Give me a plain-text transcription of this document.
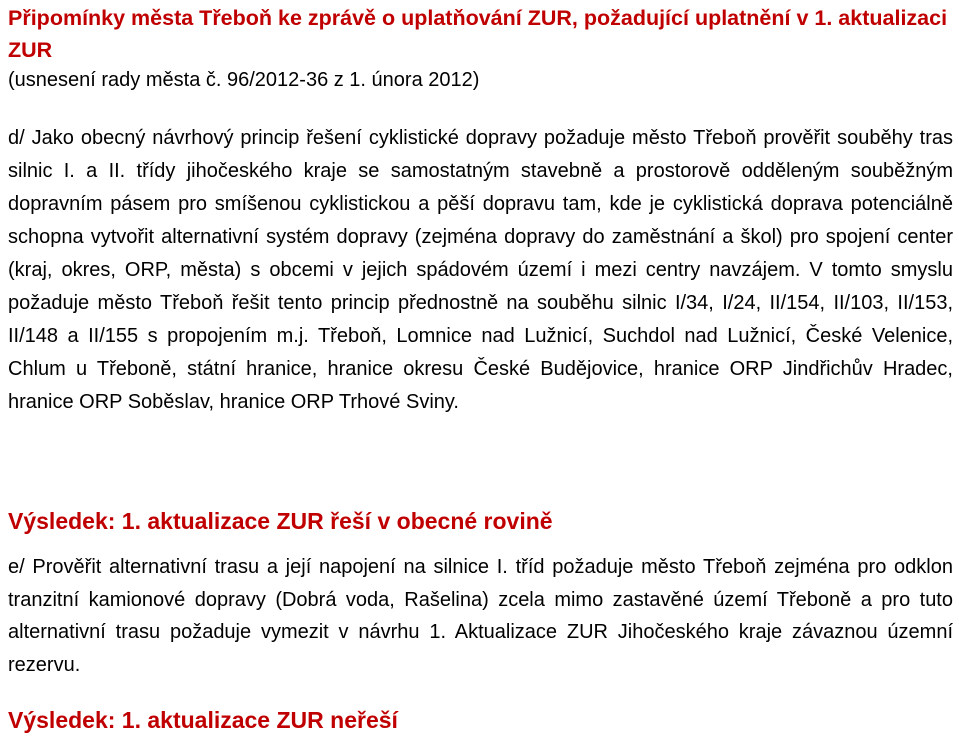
Připomínky města Třeboň ke zprávě o uplatňování ZUR, požadující uplatnění v 1. aktualizaci ZUR

(usnesení rady města č. 96/2012-36 z 1. února 2012)

d/ Jako obecný návrhový princip řešení cyklistické dopravy požaduje město Třeboň prověřit souběhy tras silnic I. a II. třídy jihočeského kraje se samostatným stavebně a prostorově odděleným souběžným dopravním pásem pro smíšenou cyklistickou a pěší dopravu tam, kde je cyklistická doprava potenciálně schopna vytvořit alternativní systém dopravy (zejména dopravy do zaměstnání a škol) pro spojení center (kraj, okres, ORP, města) s obcemi v jejich spádovém území i mezi centry navzájem. V tomto smyslu požaduje město Třeboň řešit tento princip přednostně na souběhu silnic I/34, I/24, II/154, II/103, II/153, II/148 a II/155 s propojením m.j. Třeboň, Lomnice nad Lužnicí, Suchdol nad Lužnicí, České Velenice, Chlum u Třeboně, státní hranice, hranice okresu České Budějovice, hranice ORP Jindřichův Hradec, hranice ORP Soběslav, hranice ORP Trhové Sviny.

Výsledek: 1. aktualizace ZUR řeší v obecné rovině

e/ Prověřit alternativní trasu a její napojení na silnice I. tříd požaduje město Třeboň zejména pro odklon tranzitní kamionové dopravy (Dobrá voda, Rašelina) zcela mimo zastavěné území Třeboně a pro tuto alternativní trasu požaduje vymezit v návrhu 1. Aktualizace ZUR Jihočeského kraje závaznou územní rezervu.

Výsledek: 1. aktualizace ZUR neřeší
